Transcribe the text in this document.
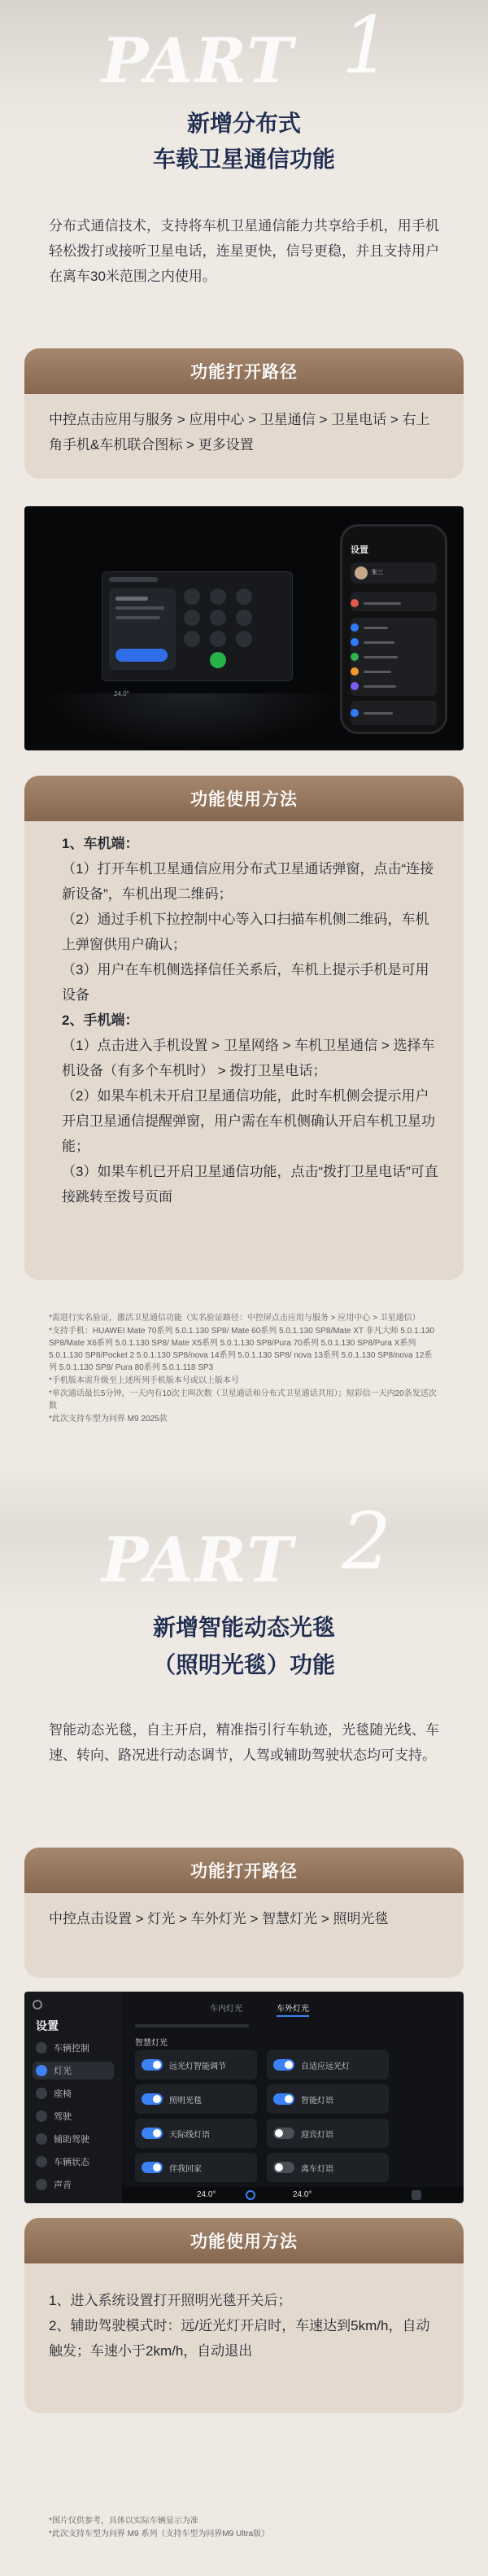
PART 1
新增分布式
车载卫星通信功能
分布式通信技术，支持将车机卫星通信能力共享给手机，用手机轻松拨打或接听卫星电话，连星更快，信号更稳，并且支持用户在离车30米范围之内使用。
功能打开路径
中控点击应用与服务 > 应用中心 > 卫星通信 > 卫星电话 > 右上角手机&车机联合图标 > 更多设置
24.0°
设置
张三
功能使用方法
1、车机端：
（1）打开车机卫星通信应用分布式卫星通话弹窗，点击“连接新设备”，车机出现二维码；
（2）通过手机下拉控制中心等入口扫描车机侧二维码，车机上弹窗供用户确认；
（3）用户在车机侧选择信任关系后，车机上提示手机是可用设备
2、手机端：
（1）点击进入手机设置 > 卫星网络 > 车机卫星通信 > 选择车机设备（有多个车机时） > 拨打卫星电话；
（2）如果车机未开启卫星通信功能，此时车机侧会提示用户开启卫星通信提醒弹窗，用户需在车机侧确认开启车机卫星功能；
（3）如果车机已开启卫星通信功能，点击“拨打卫星电话”可直接跳转至拨号页面

*需进行实名验证，激活卫星通信功能（实名验证路径：中控屏点击应用与服务 > 应用中心 > 卫星通信）

*支持手机：HUAWEI Mate 70系列 5.0.1.130 SP8/ Mate 60系列 5.0.1.130 SP8/Mate XT 非凡大师 5.0.1.130 SP8/Mate X6系列 5.0.1.130 SP8/ Mate X5系列 5.0.1.130 SP8/Pura 70系列 5.0.1.130 SP8/Pura X系列 5.0.1.130 SP8/Pocket 2 5.0.1.130 SP8/nova 14系列 5.0.1.130 SP8/ nova 13系列 5.0.1.130 SP8/nova 12系列 5.0.1.130 SP8/ Pura 80系列 5.0.1.118 SP3

*手机版本需升级至上述所列手机版本号或以上版本号

*单次通话最长5分钟，一天内有10次主叫次数（卫星通话和分布式卫星通话共用）；短彩信一天内20条发送次数

*此次支持车型为问界 M9 2025款

PART 2
新增智能动态光毯
（照明光毯）功能
智能动态光毯，自主开启，精准指引行车轨迹，光毯随光线、车速、转向、路况进行动态调节，人驾或辅助驾驶状态均可支持。
功能打开路径
中控点击设置 > 灯光 > 车外灯光 > 智慧灯光 > 照明光毯
设置
车辆控制
灯光
座椅
驾驶
辅助驾驶
车辆状态
声音
车内灯光	车外灯光
智慧灯光
远光灯智能调节	自适应远光灯
照明光毯	智能灯语
天际线灯语	迎宾灯语
伴我回家	离车灯语
24.0°	24.0°
功能使用方法
1、进入系统设置打开照明光毯开关后；
2、辅助驾驶模式时：远/近光灯开启时，车速达到5km/h，自动触发；车速小于2km/h，自动退出

*图片仅供参考，具体以实际车辆显示为准

*此次支持车型为问界 M9 系列（支持车型为问界M9 Ultra版）
